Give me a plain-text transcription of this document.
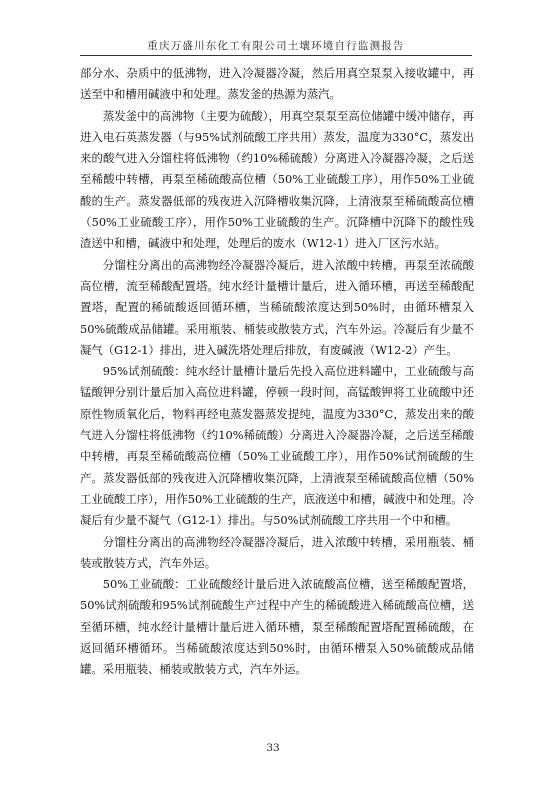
重庆万盛川东化工有限公司土壤环境自行监测报告

部分水、杂质中的低沸物，进入冷凝器冷凝，然后用真空泵泵入接收罐中，再送至中和槽用碱液中和处理。蒸发釜的热源为蒸汽。

蒸发釜中的高沸物（主要为硫酸），用真空泵泵至高位储罐中缓冲储存，再进入电石英蒸发器（与95%试剂硫酸工序共用）蒸发，温度为330°C，蒸发出来的酸气进入分馏柱将低沸物（约10%稀硫酸）分离进入冷凝器冷凝，之后送至稀酸中转槽，再泵至稀硫酸高位槽（50%工业硫酸工序），用作50%工业硫酸的生产。蒸发器低部的残夜进入沉降槽收集沉降，上清液泵至稀硫酸高位槽（50%工业硫酸工序），用作50%工业硫酸的生产。沉降槽中沉降下的酸性残渣送中和槽，碱液中和处理，处理后的废水（W12-1）进入厂区污水站。

分馏柱分离出的高沸物经冷凝器冷凝后，进入浓酸中转槽，再泵至浓硫酸高位槽，流至稀酸配置塔。纯水经计量槽计量后，进入循环槽，再送至稀酸配置塔，配置的稀硫酸返回循环槽，当稀硫酸浓度达到50%时，由循环槽泵入50%硫酸成品储罐。采用瓶装、桶装或散装方式，汽车外运。冷凝后有少量不凝气（G12-1）排出，进入碱洗塔处理后排放，有废碱液（W12-2）产生。

95%试剂硫酸：纯水经计量槽计量后先投入高位进料罐中，工业硫酸与高锰酸钾分别计量后加入高位进料罐，停顿一段时间，高锰酸钾将工业硫酸中还原性物质氧化后，物料再经电蒸发器蒸发提纯，温度为330°C，蒸发出来的酸气进入分馏柱将低沸物（约10%稀硫酸）分离进入冷凝器冷凝，之后送至稀酸中转槽，再泵至稀硫酸高位槽（50%工业硫酸工序），用作50%试剂硫酸的生产。蒸发器低部的残夜进入沉降槽收集沉降，上清液泵至稀硫酸高位槽（50%工业硫酸工序），用作50%工业硫酸的生产，底液送中和槽，碱液中和处理。冷凝后有少量不凝气（G12-1）排出。与50%试剂硫酸工序共用一个中和槽。

分馏柱分离出的高沸物经冷凝器冷凝后，进入浓酸中转槽，采用瓶装、桶装或散装方式，汽车外运。

50%工业硫酸：工业硫酸经计量后进入浓硫酸高位槽，送至稀酸配置塔，50%试剂硫酸和95%试剂硫酸生产过程中产生的稀硫酸进入稀硫酸高位槽，送至循环槽，纯水经计量槽计量后进入循环槽，泵至稀酸配置塔配置稀硫酸，在返回循环槽循环。当稀硫酸浓度达到50%时，由循环槽泵入50%硫酸成品储罐。采用瓶装、桶装或散装方式，汽车外运。

33
